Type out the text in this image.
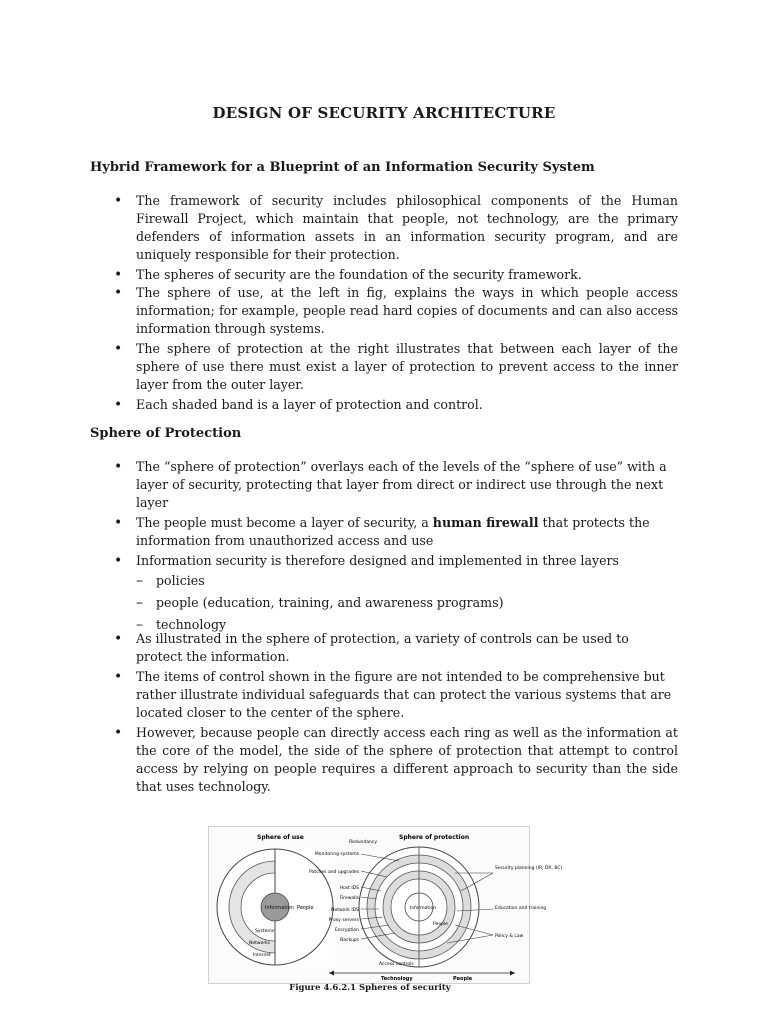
DESIGN OF SECURITY ARCHITECTURE
Hybrid Framework for a Blueprint of an Information Security System
• The framework of security includes philosophical components of the Human Firewall Project, which maintain that people, not technology, are the primary defenders of information assets in an information security program, and are uniquely responsible for their protection.
• The spheres of security are the foundation of the security framework.
• The sphere of use, at the left in fig, explains the ways in which people access information; for example, people read hard copies of documents and can also access information through systems.
• The sphere of protection at the right illustrates that between each layer of the sphere of use there must exist a layer of protection to prevent access to the inner layer from the outer layer.
• Each shaded band is a layer of protection and control.
Sphere of Protection
• The “sphere of protection” overlays each of the levels of the “sphere of use” with a layer of security, protecting that layer from direct or indirect use through the next layer
• The people must become a layer of security, a human firewall that protects the information from unauthorized access and use
• Information security is therefore designed and implemented in three layers
– policies
– people (education, training, and awareness programs)
– technology
• As illustrated in the sphere of protection, a variety of controls can be used to protect the information.
• The items of control shown in the figure are not intended to be comprehensive but rather illustrate individual safeguards that can protect the various systems that are located closer to the center of the sphere.
• However, because people can directly access each ring as well as the information at the core of the model, the side of the sphere of protection that attempt to control access by relying on people requires a different approach to security than the side that uses technology.
Sphere of use
Information People
Systems
Networks
Internet
Sphere of protection
Information
People
Redundancy
Monitoring systems
Patches and upgrades
Host IDS
Firewalls
Network IDS
Proxy servers
Encryption
Backups
Access controls
Security planning (IR, DR, BC)
Education and training
Policy & Law
Technology	People
Figure 4.6.2.1 Spheres of security
